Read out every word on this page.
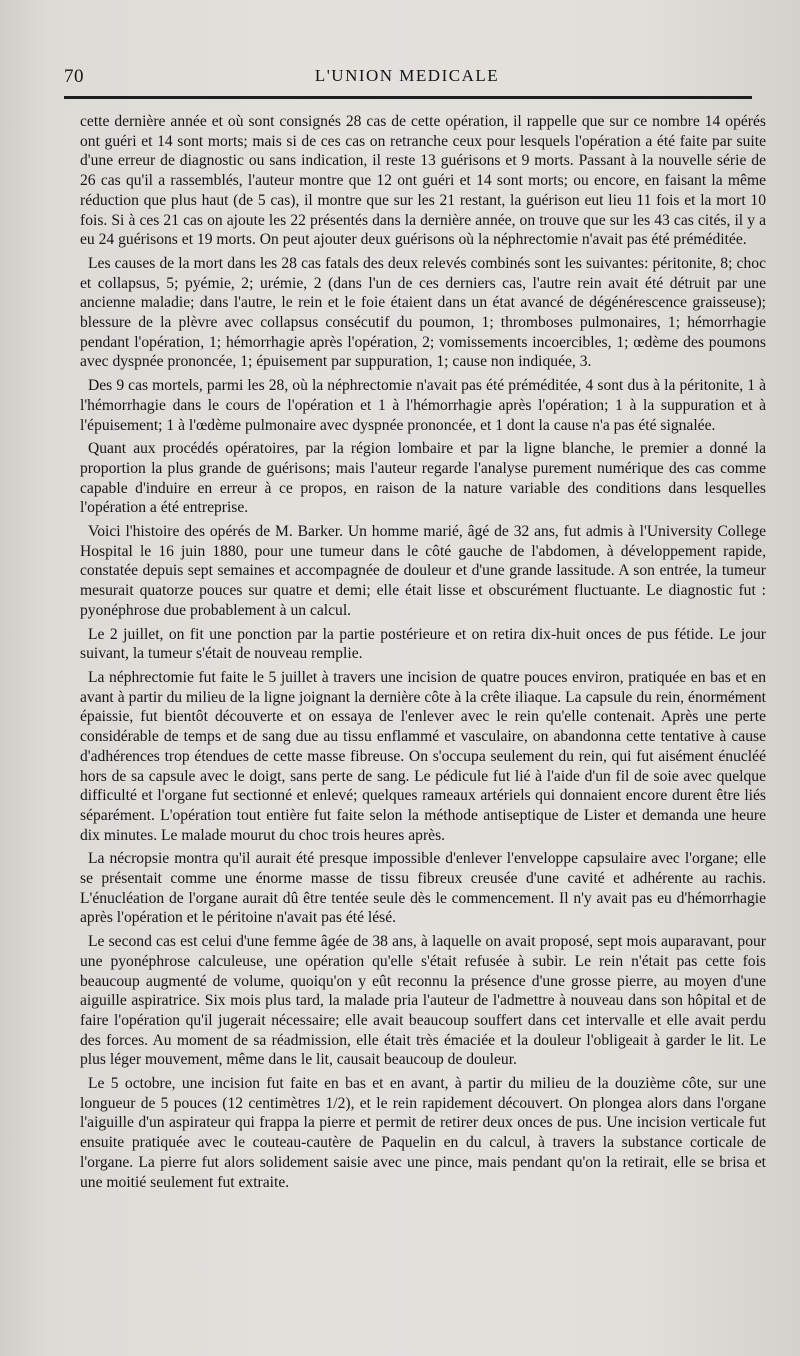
70	L'UNION MEDICALE

cette dernière année et où sont consignés 28 cas de cette opération, il rappelle que sur ce nombre 14 opérés ont guéri et 14 sont morts; mais si de ces cas on retranche ceux pour lesquels l'opération a été faite par suite d'une erreur de diagnostic ou sans indication, il reste 13 guérisons et 9 morts. Passant à la nouvelle série de 26 cas qu'il a rassemblés, l'auteur montre que 12 ont guéri et 14 sont morts; ou encore, en faisant la même réduction que plus haut (de 5 cas), il montre que sur les 21 restant, la guérison eut lieu 11 fois et la mort 10 fois. Si à ces 21 cas on ajoute les 22 présentés dans la dernière année, on trouve que sur les 43 cas cités, il y a eu 24 guérisons et 19 morts. On peut ajouter deux guérisons où la néphrectomie n'avait pas été préméditée.

Les causes de la mort dans les 28 cas fatals des deux relevés combinés sont les suivantes: péritonite, 8; choc et collapsus, 5; pyémie, 2; urémie, 2 (dans l'un de ces derniers cas, l'autre rein avait été détruit par une ancienne maladie; dans l'autre, le rein et le foie étaient dans un état avancé de dégénérescence graisseuse); blessure de la plèvre avec collapsus consécutif du poumon, 1; thromboses pulmonaires, 1; hémorrhagie pendant l'opération, 1; hémorrhagie après l'opération, 2; vomissements incoercibles, 1; œdème des poumons avec dyspnée prononcée, 1; épuisement par suppuration, 1; cause non indiquée, 3.

Des 9 cas mortels, parmi les 28, où la néphrectomie n'avait pas été préméditée, 4 sont dus à la péritonite, 1 à l'hémorrhagie dans le cours de l'opération et 1 à l'hémorrhagie après l'opération; 1 à la suppuration et à l'épuisement; 1 à l'œdème pulmonaire avec dyspnée prononcée, et 1 dont la cause n'a pas été signalée.

Quant aux procédés opératoires, par la région lombaire et par la ligne blanche, le premier a donné la proportion la plus grande de guérisons; mais l'auteur regarde l'analyse purement numérique des cas comme capable d'induire en erreur à ce propos, en raison de la nature variable des conditions dans lesquelles l'opération a été entreprise.

Voici l'histoire des opérés de M. Barker. Un homme marié, âgé de 32 ans, fut admis à l'University College Hospital le 16 juin 1880, pour une tumeur dans le côté gauche de l'abdomen, à développement rapide, constatée depuis sept semaines et accompagnée de douleur et d'une grande lassitude. A son entrée, la tumeur mesurait quatorze pouces sur quatre et demi; elle était lisse et obscurément fluctuante. Le diagnostic fut : pyonéphrose due probablement à un calcul.

Le 2 juillet, on fit une ponction par la partie postérieure et on retira dix-huit onces de pus fétide. Le jour suivant, la tumeur s'était de nouveau remplie.

La néphrectomie fut faite le 5 juillet à travers une incision de quatre pouces environ, pratiquée en bas et en avant à partir du milieu de la ligne joignant la dernière côte à la crête iliaque. La capsule du rein, énormément épaissie, fut bientôt découverte et on essaya de l'enlever avec le rein qu'elle contenait. Après une perte considérable de temps et de sang due au tissu enflammé et vasculaire, on abandonna cette tentative à cause d'adhérences trop étendues de cette masse fibreuse. On s'occupa seulement du rein, qui fut aisément énucléé hors de sa capsule avec le doigt, sans perte de sang. Le pédicule fut lié à l'aide d'un fil de soie avec quelque difficulté et l'organe fut sectionné et enlevé; quelques rameaux artériels qui donnaient encore durent être liés séparément. L'opération tout entière fut faite selon la méthode antiseptique de Lister et demanda une heure dix minutes. Le malade mourut du choc trois heures après.

La nécropsie montra qu'il aurait été presque impossible d'enlever l'enveloppe capsulaire avec l'organe; elle se présentait comme une énorme masse de tissu fibreux creusée d'une cavité et adhérente au rachis. L'énucléation de l'organe aurait dû être tentée seule dès le commencement. Il n'y avait pas eu d'hémorrhagie après l'opération et le péritoine n'avait pas été lésé.

Le second cas est celui d'une femme âgée de 38 ans, à laquelle on avait proposé, sept mois auparavant, pour une pyonéphrose calculeuse, une opération qu'elle s'était refusée à subir. Le rein n'était pas cette fois beaucoup augmenté de volume, quoiqu'on y eût reconnu la présence d'une grosse pierre, au moyen d'une aiguille aspiratrice. Six mois plus tard, la malade pria l'auteur de l'admettre à nouveau dans son hôpital et de faire l'opération qu'il jugerait nécessaire; elle avait beaucoup souffert dans cet intervalle et elle avait perdu des forces. Au moment de sa réadmission, elle était très émaciée et la douleur l'obligeait à garder le lit. Le plus léger mouvement, même dans le lit, causait beaucoup de douleur.

Le 5 octobre, une incision fut faite en bas et en avant, à partir du milieu de la douzième côte, sur une longueur de 5 pouces (12 centimètres 1/2), et le rein rapidement découvert. On plongea alors dans l'organe l'aiguille d'un aspirateur qui frappa la pierre et permit de retirer deux onces de pus. Une incision verticale fut ensuite pratiquée avec le couteau-cautère de Paquelin en du calcul, à travers la substance corticale de l'organe. La pierre fut alors solidement saisie avec une pince, mais pendant qu'on la retirait, elle se brisa et une moitié seulement fut extraite.
